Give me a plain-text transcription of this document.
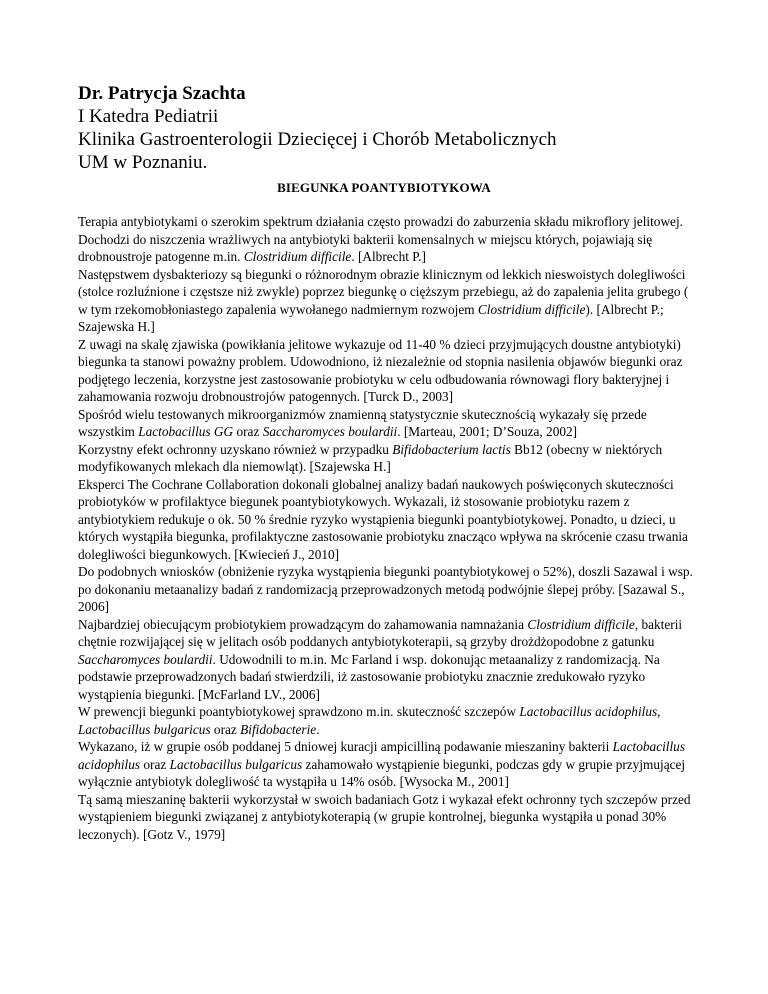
Dr. Patrycja Szachta
I Katedra Pediatrii
Klinika Gastroenterologii Dziecięcej i Chorób Metabolicznych
UM w Poznaniu.
BIEGUNKA POANTYBIOTYKOWA

Terapia antybiotykami o szerokim spektrum działania często prowadzi do zaburzenia składu mikroflory jelitowej. Dochodzi do niszczenia wrażliwych na antybiotyki bakterii komensalnych w miejscu których, pojawiają się drobnoustroje patogenne m.in. Clostridium difficile. [Albrecht P.]

Następstwem dysbakteriozy są biegunki o różnorodnym obrazie klinicznym od lekkich nieswoistych dolegliwości (stolce rozluźnione i częstsze niż zwykle) poprzez biegunkę o cięższym przebiegu, aż do zapalenia jelita grubego ( w tym rzekomobłoniastego zapalenia wywołanego nadmiernym rozwojem Clostridium difficile). [Albrecht P.; Szajewska H.]

Z uwagi na skalę zjawiska (powikłania jelitowe wykazuje od 11-40 % dzieci przyjmujących doustne antybiotyki) biegunka ta stanowi poważny problem. Udowodniono, iż niezależnie od stopnia nasilenia objawów biegunki oraz podjętego leczenia, korzystne jest zastosowanie probiotyku w celu odbudowania równowagi flory bakteryjnej i zahamowania rozwoju drobnoustrojów patogennych. [Turck D., 2003]

Spośród wielu testowanych mikroorganizmów znamienną statystycznie skutecznością wykazały się przede wszystkim Lactobacillus GG oraz Saccharomyces boulardii. [Marteau, 2001; D’Souza, 2002]

Korzystny efekt ochronny uzyskano również w przypadku Bifidobacterium lactis Bb12 (obecny w niektórych modyfikowanych mlekach dla niemowląt). [Szajewska H.]

Eksperci The Cochrane Collaboration dokonali globalnej analizy badań naukowych poświęconych skuteczności probiotyków w profilaktyce biegunek poantybiotykowych. Wykazali, iż stosowanie probiotyku razem z antybiotykiem redukuje o ok. 50 % średnie ryzyko wystąpienia biegunki poantybiotykowej. Ponadto, u dzieci, u których wystąpiła biegunka, profilaktyczne zastosowanie probiotyku znacząco wpływa na skrócenie czasu trwania dolegliwości biegunkowych. [Kwiecień J., 2010]

Do podobnych wniosków (obniżenie ryzyka wystąpienia biegunki poantybiotykowej o 52%), doszli Sazawal i wsp. po dokonaniu metaanalizy badań z randomizacją przeprowadzonych metodą podwójnie ślepej próby. [Sazawal S., 2006]

Najbardziej obiecującym probiotykiem prowadzącym do zahamowania namnażania Clostridium difficile, bakterii chętnie rozwijającej się w jelitach osób poddanych antybiotykoterapii, są grzyby drożdżopodobne z gatunku Saccharomyces boulardii. Udowodnili to m.in. Mc Farland i wsp. dokonując metaanalizy z randomizacją. Na podstawie przeprowadzonych badań stwierdzili, iż zastosowanie probiotyku znacznie zredukowało ryzyko wystąpienia biegunki. [McFarland LV., 2006]

W prewencji biegunki poantybiotykowej sprawdzono m.in. skuteczność szczepów Lactobacillus acidophilus, Lactobacillus bulgaricus oraz Bifidobacterie.

Wykazano, iż w grupie osób poddanej 5 dniowej kuracji ampicilliną podawanie mieszaniny bakterii Lactobacillus acidophilus oraz Lactobacillus bulgaricus zahamowało wystąpienie biegunki, podczas gdy w grupie przyjmującej wyłącznie antybiotyk dolegliwość ta wystąpiła u 14% osób. [Wysocka M., 2001]

Tą samą mieszaninę bakterii wykorzystał w swoich badaniach Gotz i wykazał efekt ochronny tych szczepów przed wystąpieniem biegunki związanej z antybiotykoterapią (w grupie kontrolnej, biegunka wystąpiła u ponad 30% leczonych). [Gotz V., 1979]
